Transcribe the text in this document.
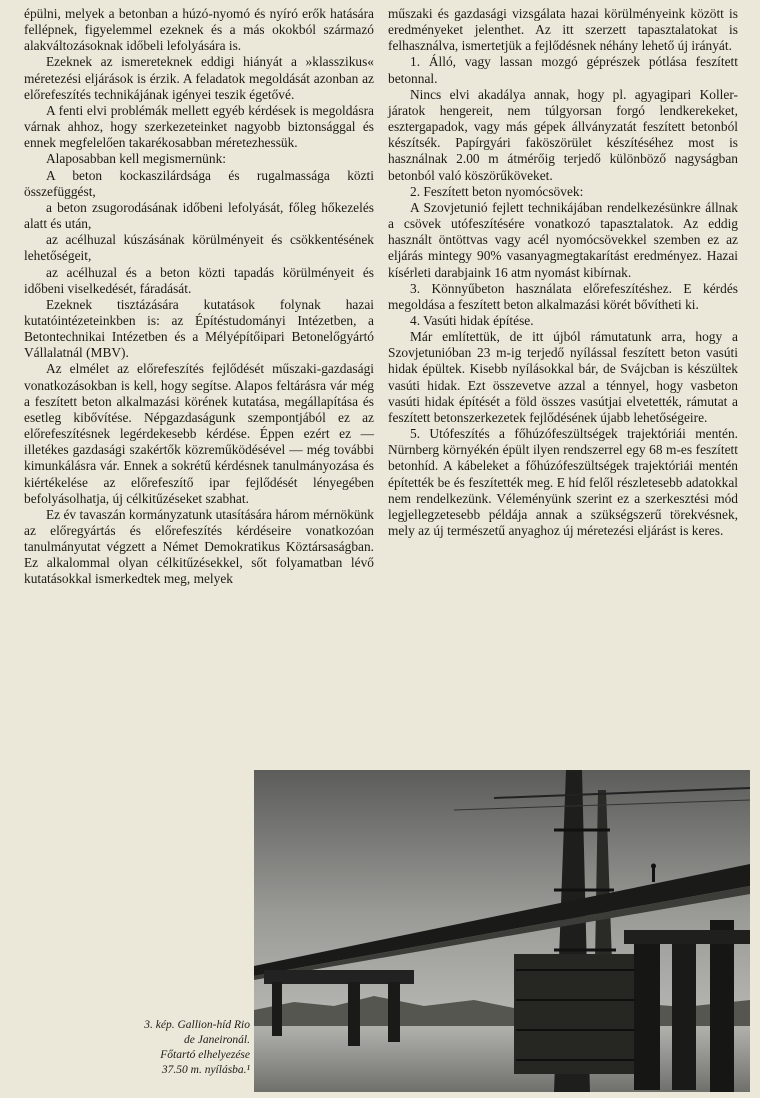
épülni, melyek a betonban a húzó-nyomó és nyíró erők hatására fellépnek, figyelemmel ezeknek és a más okokból származó alakváltozásoknak időbeli lefolyására is.

Ezeknek az ismereteknek eddigi hiányát a »klasszikus« méretezési eljárások is érzik. A feladatok megoldását azonban az előrefeszítés technikájának igényei teszik égetővé.

A fenti elvi problémák mellett egyéb kérdések is megoldásra várnak ahhoz, hogy szerkezeteinket nagyobb biztonsággal és ennek megfelelően takarékosabban méretezhessük.

Alaposabban kell megismernünk:

A beton kockaszilárdsága és rugalmassága közti összefüggést,

a beton zsugorodásának időbeni lefolyását, főleg hőkezelés alatt és után,

az acélhuzal kúszásának körülményeit és csökkentésének lehetőségeit,

az acélhuzal és a beton közti tapadás körülményeit és időbeni viselkedését, fáradását.

Ezeknek tisztázására kutatások folynak hazai kutatóintézeteinkben is: az Építéstudományi Intézetben, a Betontechnikai Intézetben és a Mélyépítőipari Betonelőgyártó Vállalatnál (MBV).

Az elmélet az előrefeszítés fejlődését műszaki-gazdasági vonatkozásokban is kell, hogy segítse. Alapos feltárásra vár még a feszített beton alkalmazási körének kutatása, megállapítása és esetleg kibővítése. Népgazdaságunk szempontjából ez az előrefeszítésnek legérdekesebb kérdése. Éppen ezért ez — illetékes gazdasági szakértők közreműködésével — még további kimunkálásra vár. Ennek a sokrétű kérdésnek tanulmányozása és kiértékelése az előrefeszítő ipar fejlődését lényegében befolyásolhatja, új célkitűzéseket szabhat.

Ez év tavaszán kormányzatunk utasítására három mérnökünk az előregyártás és előrefeszítés kérdéseire vonatkozóan tanulmányutat végzett a Német Demokratikus Köztársaságban. Ez alkalommal olyan célkitűzésekkel, sőt folyamatban lévő kutatásokkal ismerkedtek meg, melyek

műszaki és gazdasági vizsgálata hazai körülményeink között is eredményeket jelenthet. Az itt szerzett tapasztalatokat is felhasználva, ismertetjük a fejlődésnek néhány lehető új irányát.

1. Álló, vagy lassan mozgó géprészek pótlása feszített betonnal.

Nincs elvi akadálya annak, hogy pl. agyagipari Koller-járatok hengereit, nem túlgyorsan forgó lendkerekeket, esztergapadok, vagy más gépek állványzatát feszített betonból készítsék. Papírgyári faköszörület készítéséhez most is használnak 2.00 m átmérőig terjedő különböző nagyságban betonból való köszörűköveket.

2. Feszített beton nyomócsövek:

A Szovjetunió fejlett technikájában rendelkezésünkre állnak a csövek utófeszítésére vonatkozó tapasztalatok. Az eddig használt öntöttvas vagy acél nyomócsövekkel szemben ez az eljárás mintegy 90% vasanyagmegtakarítást eredményez. Hazai kísérleti darabjaink 16 atm nyomást kibírnak.

3. Könnyűbeton használata előrefeszítéshez. E kérdés megoldása a feszített beton alkalmazási körét bővítheti ki.

4. Vasúti hidak építése.

Már említettük, de itt újból rámutatunk arra, hogy a Szovjetunióban 23 m-ig terjedő nyílással feszített beton vasúti hidak épültek. Kisebb nyílásokkal bár, de Svájcban is készültek vasúti hidak. Ezt összevetve azzal a ténnyel, hogy vasbeton vasúti hidak építését a föld összes vasútjai elvetették, rámutat a feszített betonszerkezetek fejlődésének újabb lehetőségeire.

5. Utófeszítés a főhúzófeszültségek trajektóriái mentén. Nürnberg környékén épült ilyen rendszerrel egy 68 m-es feszített betonhíd. A kábeleket a főhúzófeszültségek trajektóriái mentén építették be és feszítették meg. E híd felől részletesebb adatokkal nem rendelkezünk. Véleményünk szerint ez a szerkesztési mód legjellegzetesebb példája annak a szükségszerű törekvésnek, mely az új természetű anyaghoz új méretezési eljárást is keres.

3. kép. Gallion-híd Rio
de Janeironál.
Főtartó elhelyezése
37.50 m. nyílásba.¹
